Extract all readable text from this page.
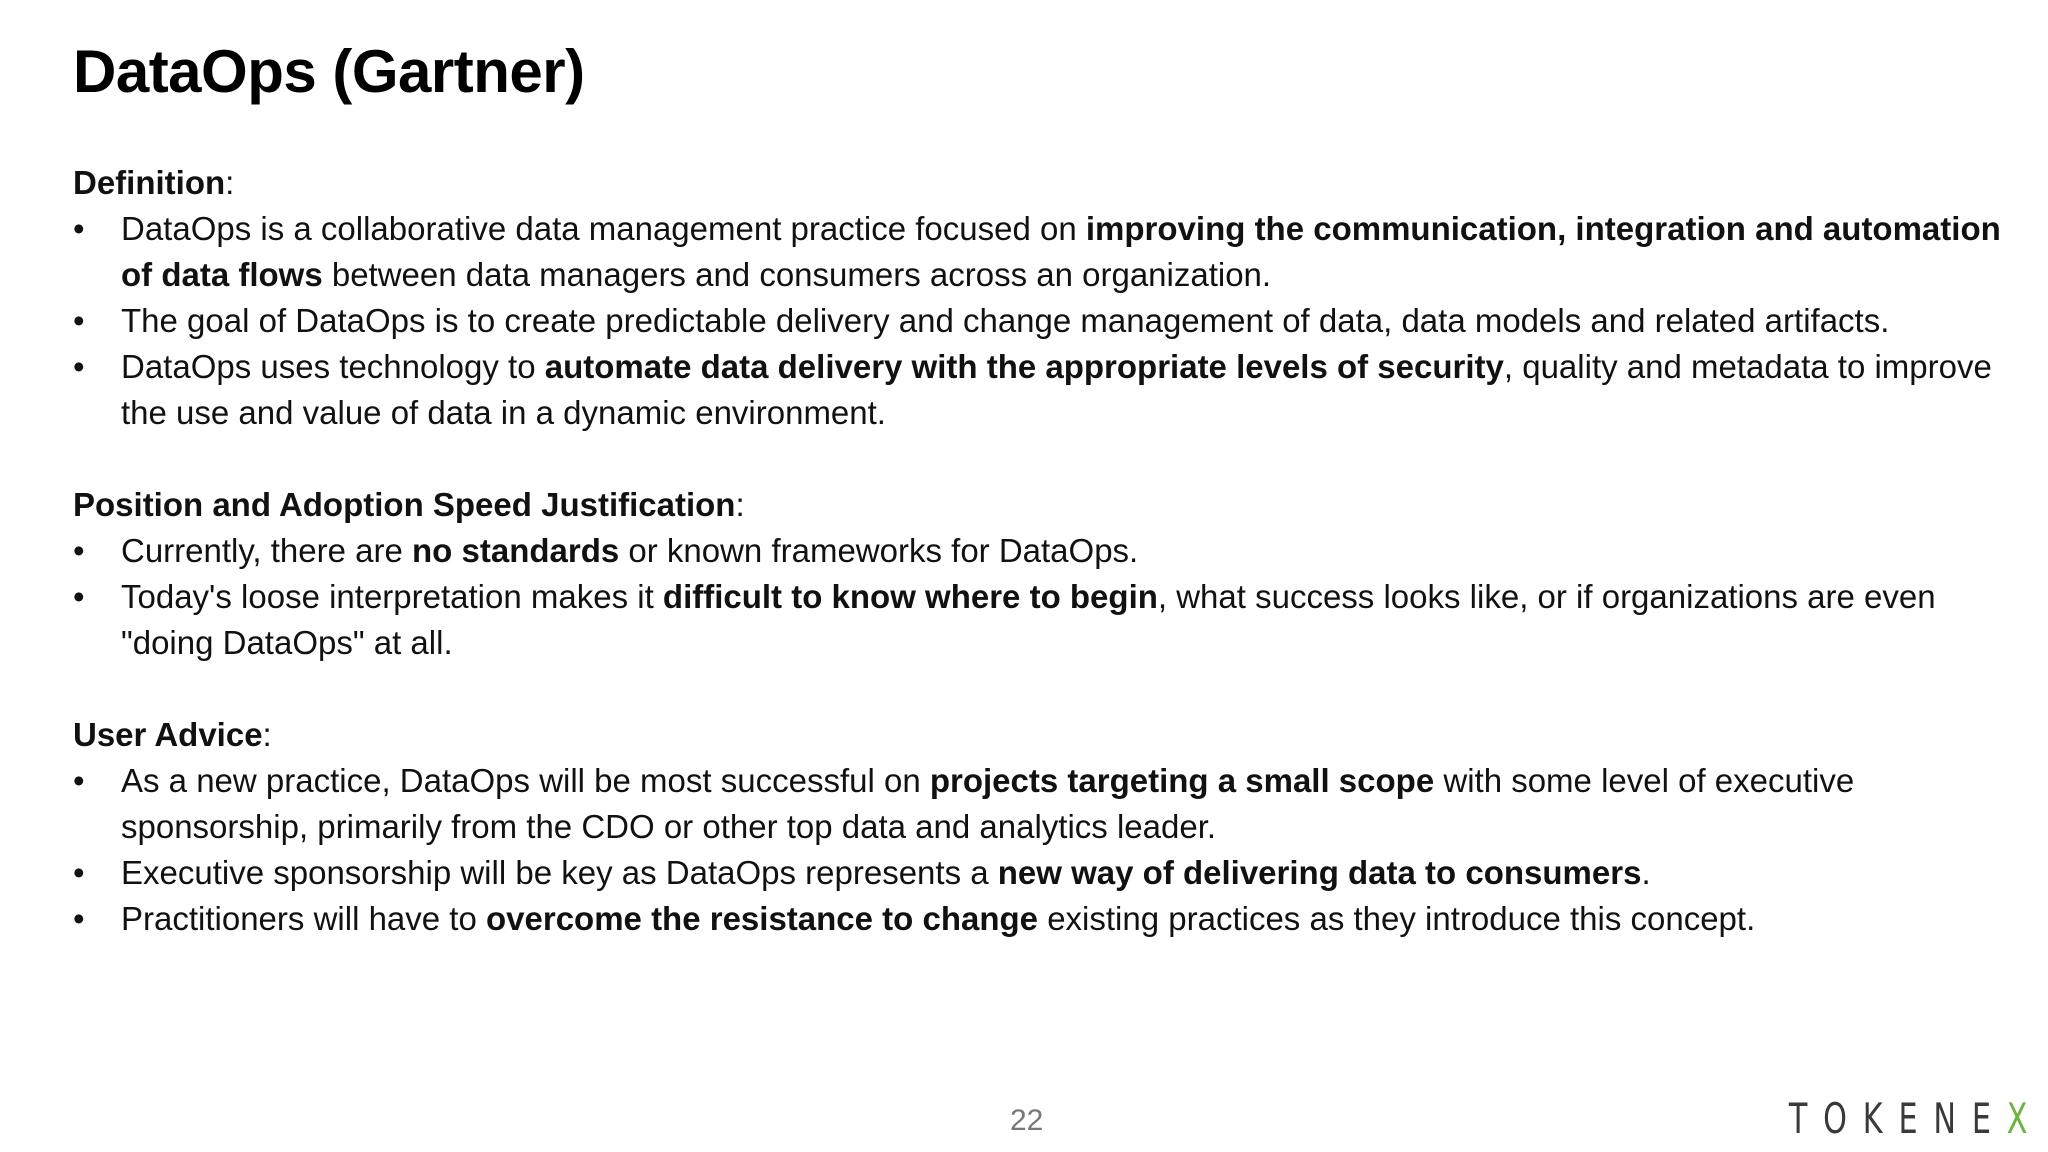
DataOps (Gartner)
Definition:
• DataOps is a collaborative data management practice focused on improving the communication, integration and automation of data flows between data managers and consumers across an organization.
• The goal of DataOps is to create predictable delivery and change management of data, data models and related artifacts.
• DataOps uses technology to automate data delivery with the appropriate levels of security, quality and metadata to improve the use and value of data in a dynamic environment.
Position and Adoption Speed Justification:
• Currently, there are no standards or known frameworks for DataOps.
• Today's loose interpretation makes it difficult to know where to begin, what success looks like, or if organizations are even "doing DataOps" at all.
User Advice:
• As a new practice, DataOps will be most successful on projects targeting a small scope with some level of executive sponsorship, primarily from the CDO or other top data and analytics leader.
• Executive sponsorship will be key as DataOps represents a new way of delivering data to consumers.
• Practitioners will have to overcome the resistance to change existing practices as they introduce this concept.
22	TOKENEX
